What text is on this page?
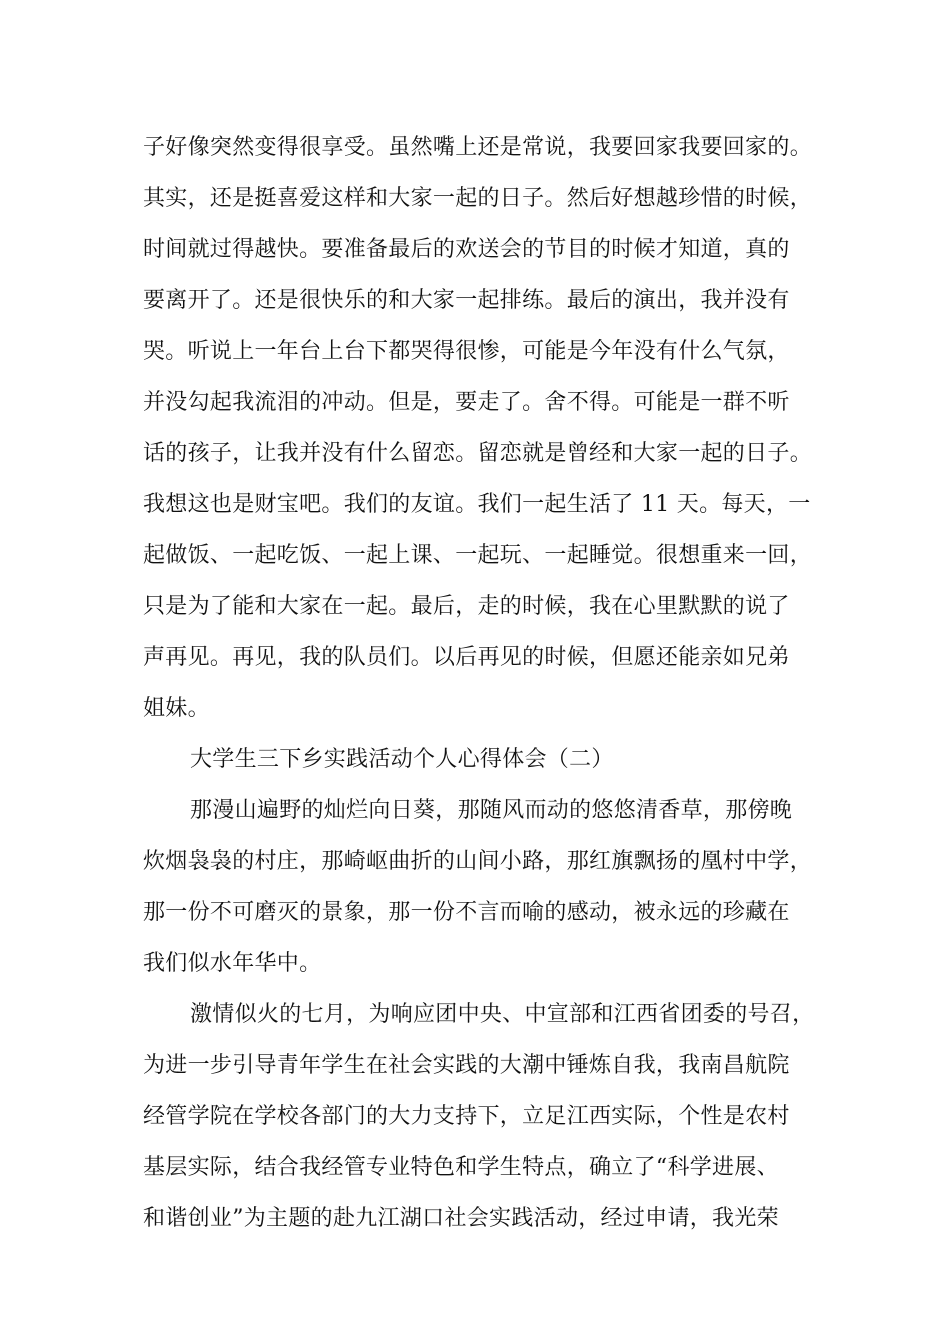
子好像突然变得很享受。虽然嘴上还是常说，我要回家我要回家的。
其实，还是挺喜爱这样和大家一起的日子。然后好想越珍惜的时候，
时间就过得越快。要准备最后的欢送会的节目的时候才知道，真的
要离开了。还是很快乐的和大家一起排练。最后的演出，我并没有
哭。听说上一年台上台下都哭得很惨，可能是今年没有什么气氛，
并没勾起我流泪的冲动。但是，要走了。舍不得。可能是一群不听
话的孩子，让我并没有什么留恋。留恋就是曾经和大家一起的日子。
我想这也是财宝吧。我们的友谊。我们一起生活了 11 天。每天，一
起做饭、一起吃饭、一起上课、一起玩、一起睡觉。很想重来一回，
只是为了能和大家在一起。最后，走的时候，我在心里默默的说了
声再见。再见，我的队员们。以后再见的时候，但愿还能亲如兄弟
姐妹。
大学生三下乡实践活动个人心得体会（二）
那漫山遍野的灿烂向日葵，那随风而动的悠悠清香草，那傍晚
炊烟袅袅的村庄，那崎岖曲折的山间小路，那红旗飘扬的凰村中学，
那一份不可磨灭的景象，那一份不言而喻的感动，被永远的珍藏在
我们似水年华中。
激情似火的七月，为响应团中央、中宣部和江西省团委的号召，
为进一步引导青年学生在社会实践的大潮中锤炼自我，我南昌航院
经管学院在学校各部门的大力支持下，立足江西实际，个性是农村
基层实际，结合我经管专业特色和学生特点，确立了“科学进展、
和谐创业”为主题的赴九江湖口社会实践活动，经过申请，我光荣
